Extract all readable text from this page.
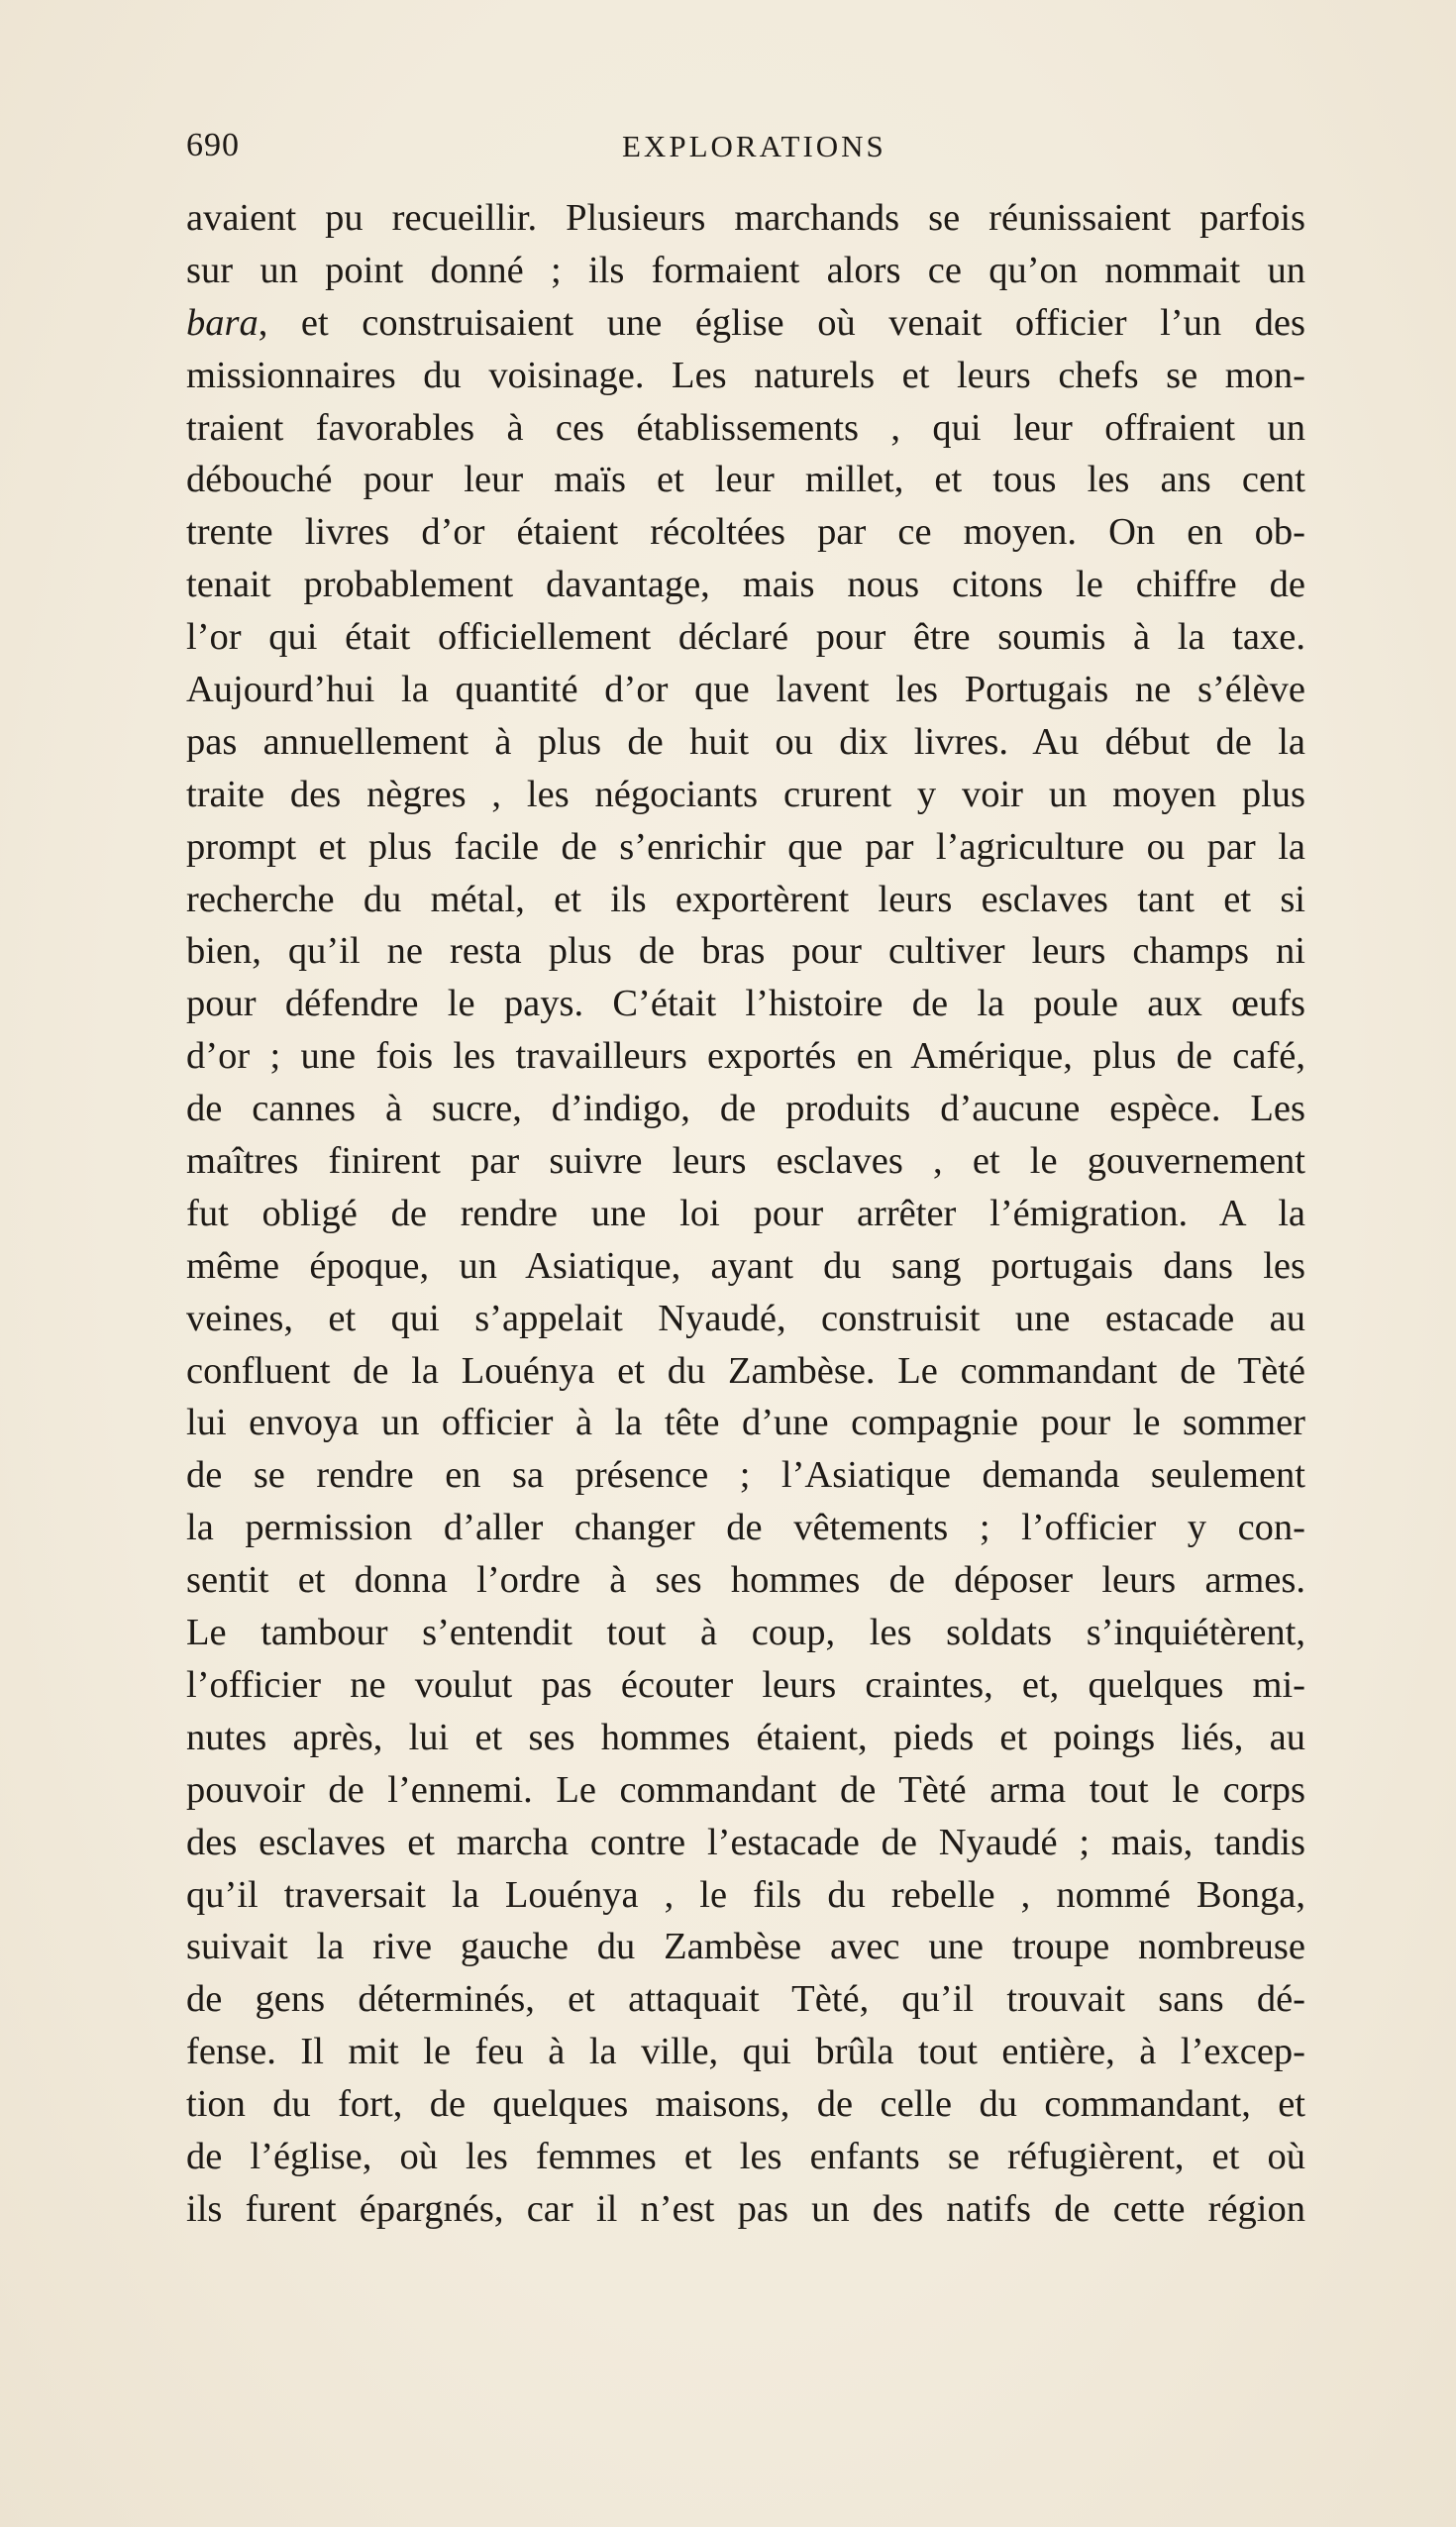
690	EXPLORATIONS
avaient pu recueillir. Plusieurs marchands se réunissaient parfois
sur un point donné ; ils formaient alors ce qu’on nommait un
bara, et construisaient une église où venait officier l’un des
missionnaires du voisinage. Les naturels et leurs chefs se mon-
traient favorables à ces établissements , qui leur offraient un
débouché pour leur maïs et leur millet, et tous les ans cent
trente livres d’or étaient récoltées par ce moyen. On en ob-
tenait probablement davantage, mais nous citons le chiffre de
l’or qui était officiellement déclaré pour être soumis à la taxe.
Aujourd’hui la quantité d’or que lavent les Portugais ne s’élève
pas annuellement à plus de huit ou dix livres. Au début de la
traite des nègres , les négociants crurent y voir un moyen plus
prompt et plus facile de s’enrichir que par l’agriculture ou par la
recherche du métal, et ils exportèrent leurs esclaves tant et si
bien, qu’il ne resta plus de bras pour cultiver leurs champs ni
pour défendre le pays. C’était l’histoire de la poule aux œufs
d’or ; une fois les travailleurs exportés en Amérique, plus de café,
de cannes à sucre, d’indigo, de produits d’aucune espèce. Les
maîtres finirent par suivre leurs esclaves , et le gouvernement
fut obligé de rendre une loi pour arrêter l’émigration. A la
même époque, un Asiatique, ayant du sang portugais dans les
veines, et qui s’appelait Nyaudé, construisit une estacade au
confluent de la Louénya et du Zambèse. Le commandant de Tèté
lui envoya un officier à la tête d’une compagnie pour le sommer
de se rendre en sa présence ; l’Asiatique demanda seulement
la permission d’aller changer de vêtements ; l’officier y con-
sentit et donna l’ordre à ses hommes de déposer leurs armes.
Le tambour s’entendit tout à coup, les soldats s’inquiétèrent,
l’officier ne voulut pas écouter leurs craintes, et, quelques mi-
nutes après, lui et ses hommes étaient, pieds et poings liés, au
pouvoir de l’ennemi. Le commandant de Tèté arma tout le corps
des esclaves et marcha contre l’estacade de Nyaudé ; mais, tandis
qu’il traversait la Louénya , le fils du rebelle , nommé Bonga,
suivait la rive gauche du Zambèse avec une troupe nombreuse
de gens déterminés, et attaquait Tèté, qu’il trouvait sans dé-
fense. Il mit le feu à la ville, qui brûla tout entière, à l’excep-
tion du fort, de quelques maisons, de celle du commandant, et
de l’église, où les femmes et les enfants se réfugièrent, et où
ils furent épargnés, car il n’est pas un des natifs de cette région
